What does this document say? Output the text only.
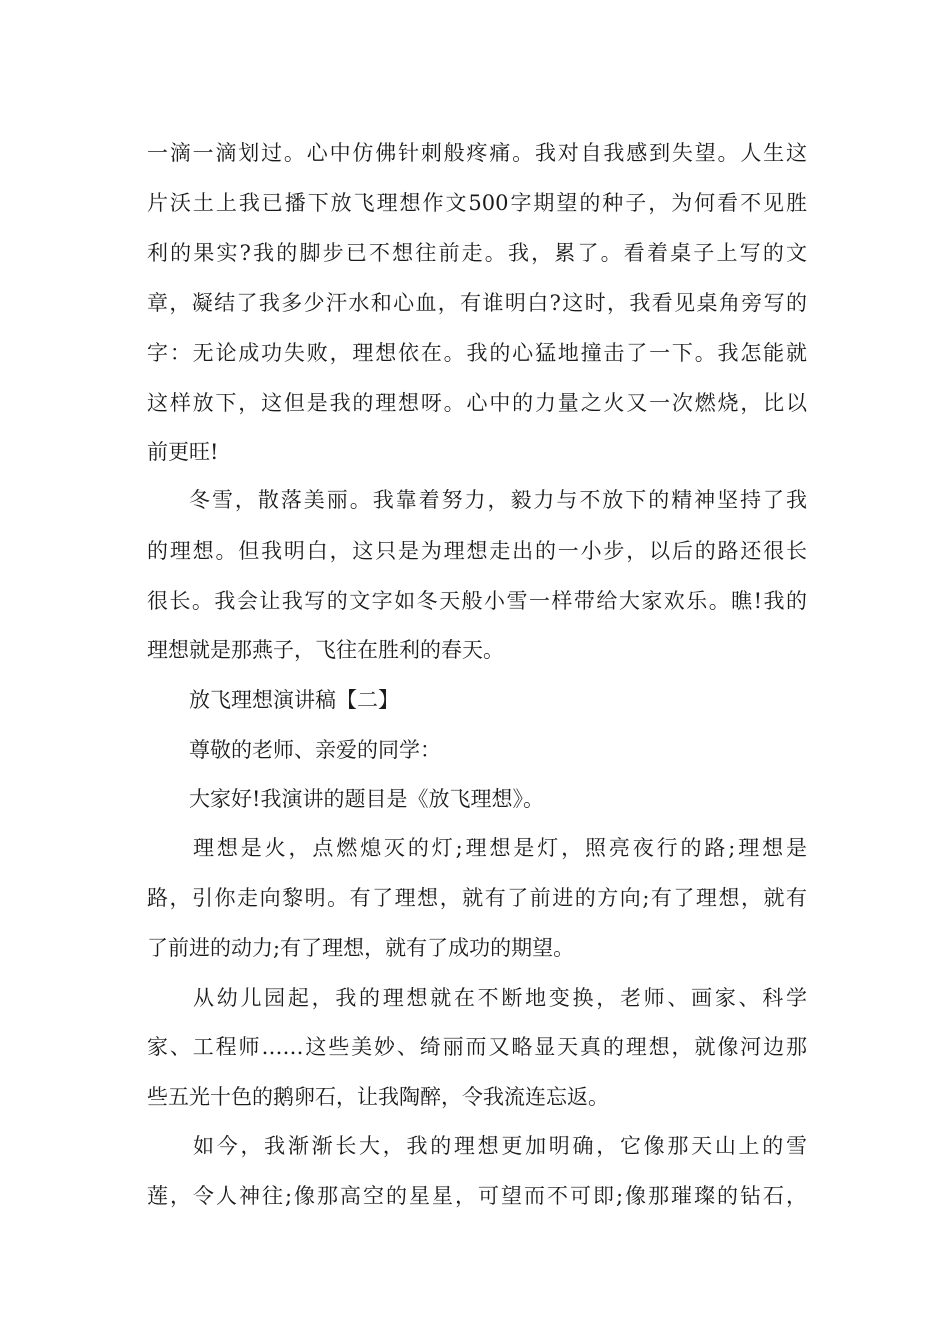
一滴一滴划过。心中仿佛针刺般疼痛。我对自我感到失望。人生这
片沃土上我已播下放飞理想作文500字期望的种子，为何看不见胜
利的果实?我的脚步已不想往前走。我，累了。看着桌子上写的文
章，凝结了我多少汗水和心血，有谁明白?这时，我看见桌角旁写的
字：无论成功失败，理想依在。我的心猛地撞击了一下。我怎能就
这样放下，这但是我的理想呀。心中的力量之火又一次燃烧，比以
前更旺!
冬雪，散落美丽。我靠着努力，毅力与不放下的精神坚持了我
的理想。但我明白，这只是为理想走出的一小步，以后的路还很长
很长。我会让我写的文字如冬天般小雪一样带给大家欢乐。瞧!我的
理想就是那燕子，飞往在胜利的春天。
放飞理想演讲稿【二】
尊敬的老师、亲爱的同学：
大家好!我演讲的题目是《放飞理想》。
理想是火，点燃熄灭的灯;理想是灯，照亮夜行的路;理想是
路，引你走向黎明。有了理想，就有了前进的方向;有了理想，就有
了前进的动力;有了理想，就有了成功的期望。
从幼儿园起，我的理想就在不断地变换，老师、画家、科学
家、工程师……这些美妙、绮丽而又略显天真的理想，就像河边那
些五光十色的鹅卵石，让我陶醉，令我流连忘返。
如今，我渐渐长大，我的理想更加明确，它像那天山上的雪
莲，令人神往;像那高空的星星，可望而不可即;像那璀璨的钻石，
